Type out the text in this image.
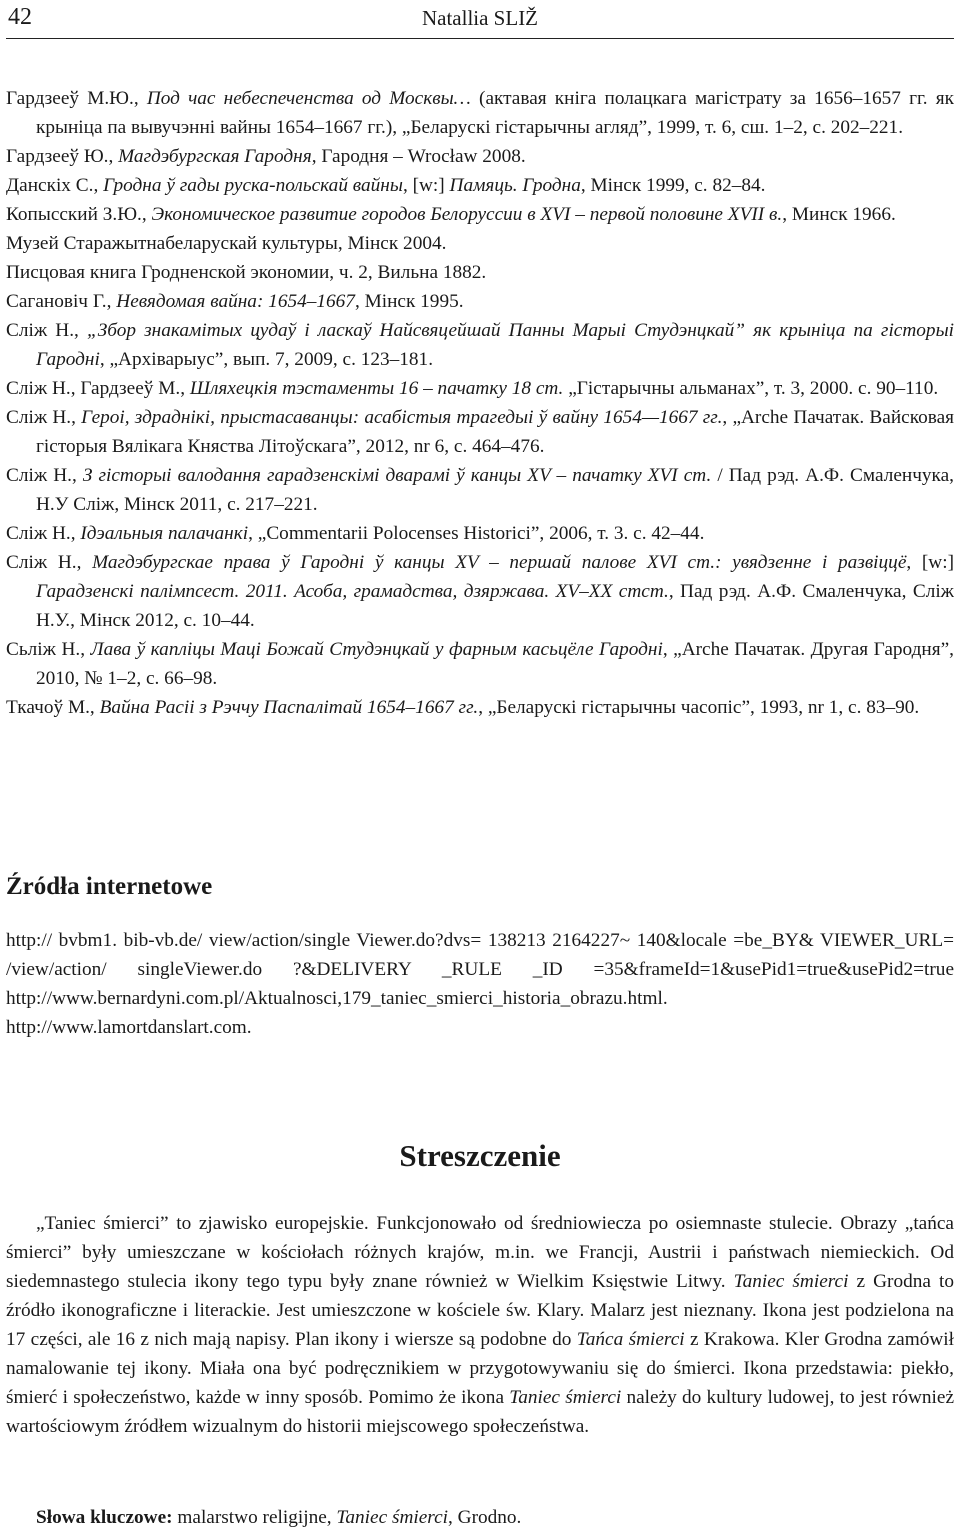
42	Natallia SLIŽ
Гардзееў М.Ю., Под час небеспеченства од Москвы… (актавая кніга полацкага магістрату за 1656–1657 гг. як крыніца па вывучэнні вайны 1654–1667 гг.), „Беларускі гістарычны агляд”, 1999, т. 6, сш. 1–2, с. 202–221.
Гардзееў Ю., Магдэбургская Гародня, Гародня – Wrocław 2008.
Данскіх С., Гродна ў гады руска-польскай вайны, [w:] Памяць. Гродна, Мінск 1999, с. 82–84.
Копысский З.Ю., Экономическое развитие городов Белоруссии в XVI – первой половине XVII в., Минск 1966.
Музей Старажытнабеларускай культуры, Мінск 2004.
Писцовая книга Гродненской экономии, ч. 2, Вильна 1882.
Сагановіч Г., Невядомая вайна: 1654–1667, Мінск 1995.
Сліж Н., „Збор знакамітых цудаў і ласкаў Найсвяцейшай Панны Марыі Студэнцкай” як крыніца па гісторыі Гародні, „Архіварыус”, вып. 7, 2009, с. 123–181.
Сліж Н., Гардзееў М., Шляхецкія тэстаменты 16 – пачатку 18 ст. „Гістарычны альманах”, т. 3, 2000. с. 90–110.
Сліж Н., Героі, здраднікі, прыстасаванцы: асабістыя трагедыі ў вайну 1654—1667 гг., „Arche Пачатак. Вайсковая гісторыя Вялікага Княства Літоўскага”, 2012, nr 6, с. 464–476.
Сліж Н., З гісторыі валодання гарадзенскімі дварамі ў канцы XV – пачатку XVI ст. / Пад рэд. А.Ф. Смаленчука, Н.У Сліж, Мінск 2011, с. 217–221.
Сліж Н., Ідэальныя палачанкі, „Commentarii Polocenses Historici”, 2006, т. 3. с. 42–44.
Сліж Н., Магдэбургскае права ў Гародні ў канцы XV – першай палове XVI ст.: увядзенне і развіццё, [w:] Гарадзенскі палімпсест. 2011. Асоба, грамадства, дзяржава. XV–XX стст., Пад рэд. А.Ф. Смаленчука, Сліж Н.У., Мінск 2012, с. 10–44.
Сьліж Н., Лава ў капліцы Маці Божай Студэнцкай у фарным касьцёле Гародні, „Arche Пачатак. Другая Гародня”, 2010, № 1–2, с. 66–98.
Ткачоў М., Вайна Расіі з Рэччу Паспалітай 1654–1667 гг., „Беларускі гістарычны часопіс”, 1993, nr 1, с. 83–90.
Źródła internetowe

http:// bvbm1. bib-vb.de/ view/action/single Viewer.do?dvs= 138213 2164227~ 140&locale =be_BY& VIEWER_URL= /view/action/ singleViewer.do ?&DELIVERY _RULE _ID =35&frameId=1&usePid1=true&usePid2=true

http://www.bernardyni.com.pl/Aktualnosci,179_taniec_smierci_historia_obrazu.html.

http://www.lamortdanslart.com.

Streszczenie

„Taniec śmierci” to zjawisko europejskie. Funkcjonowało od średniowiecza po osiemnaste stulecie. Obrazy „tańca śmierci” były umieszczane w kościołach różnych krajów, m.in. we Francji, Austrii i państwach niemieckich. Od siedemnastego stulecia ikony tego typu były znane również w Wielkim Księstwie Litwy. Taniec śmierci z Grodna to źródło ikonograficzne i literackie. Jest umieszczone w kościele św. Klary. Malarz jest nieznany. Ikona jest podzielona na 17 części, ale 16 z nich mają napisy. Plan ikony i wiersze są podobne do Tańca śmierci z Krakowa. Kler Grodna zamówił namalowanie tej ikony. Miała ona być podręcznikiem w przygotowywaniu się do śmierci. Ikona przedstawia: piekło, śmierć i społeczeństwo, każde w inny sposób. Pomimo że ikona Taniec śmierci należy do kultury ludowej, to jest również wartościowym źródłem wizualnym do historii miejscowego społeczeństwa.

Słowa kluczowe: malarstwo religijne, Taniec śmierci, Grodno.
